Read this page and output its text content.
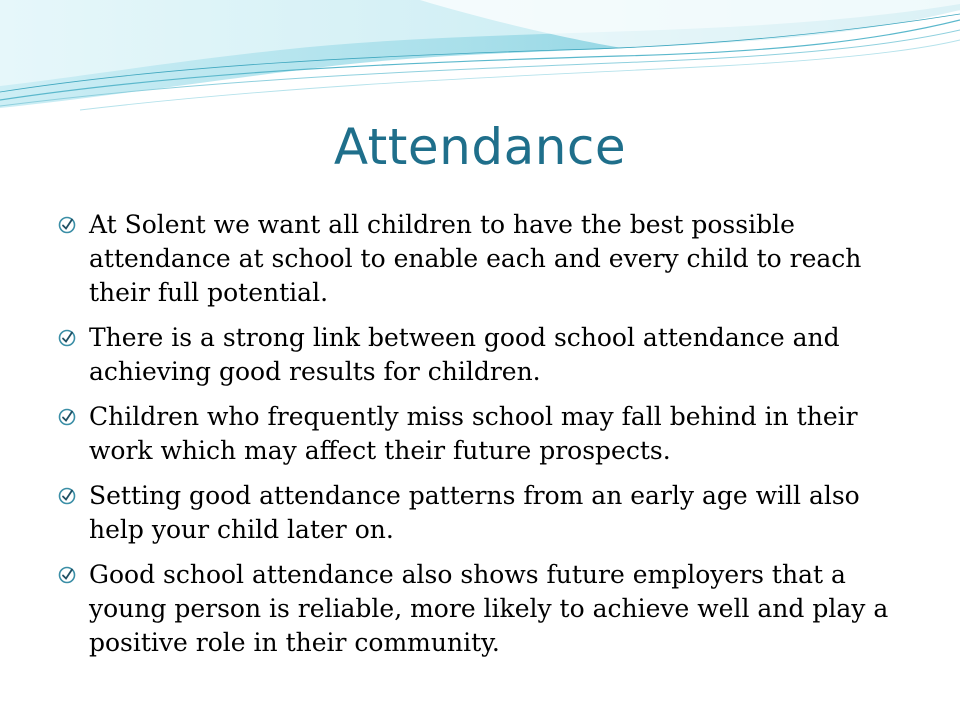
Attendance
At Solent we want all children to have the best possible attendance at school to enable each and every child to reach their full potential.
There is a strong link between good school attendance and achieving good results for children.
Children who frequently miss school may fall behind in their work which may affect their future prospects.
Setting good attendance patterns from an early age will also help your child later on.
Good school attendance also shows future employers that a young person is reliable, more likely to achieve well and play a positive role in their community.
